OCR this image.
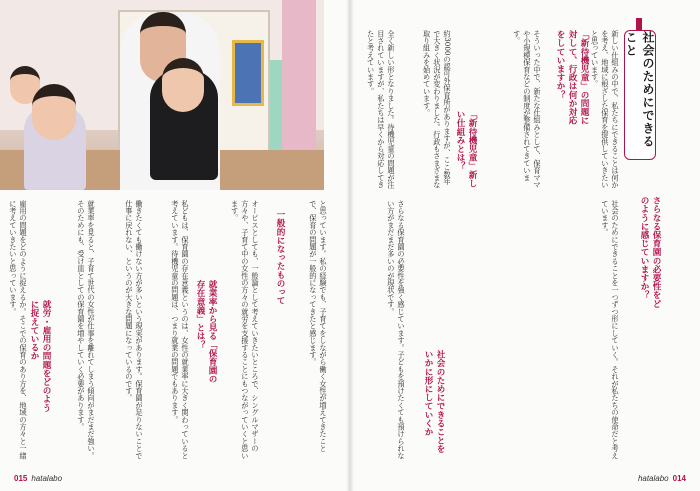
と思っています。私の経験でも、子育てをしながら働く女性が増えてきたことで、保育の問題が一般的になってきたと感じます。
一般的になったものって
オーピスとしても、一般論として考えていきたいところで、シングルマザーの方々や、子育て中の女性の方々の就労を支援することにもつながっていくと思います。
就業率から見る「保育園の存在意義」とは？
私どもは、保育園の存在意義というのは、女性の就業率に大きく関わっていると考えています。待機児童の問題は、つまり就業の問題でもあります。
働きたくても働けない方が多いという現実があります。保育園が足りないことで仕事に戻れない、というのが大きな問題になっているのです。
就業率を見ると、子育て世代の女性が仕事を離れてしまう傾向がまだまだ強い。そのためにも、受け皿としての保育園を増やしていく必要があります。
就労・雇用の問題をどのように捉えているか
雇用の問題をどのように捉えるか。そこでの保育のあり方を、地域の方々と一緒に考えていきたいと思っています。
015 hatalabo
全く新しい形となりました。待機児童の問題が注目されていますが、私たちは早くから対応してきたと考えています。	約3000の認可外保育所がありますが、ここ数年で大きく状況が変わりました。行政もさまざまな取り組みを始めています。
「新待機児童」新しい仕組みとは？	そういった中で、新たな仕組みとして、保育ママや小規模保育などの制度が整備されてきています。	「新待機児童」の問題に対して、行政は何か対応をしていますか？	新しい仕組みの中で、私たちにできることは何かを考え、地域に根ざした保育を提供していきたいと思っています。
さらなる保育園の必要性を強く感じています。子どもを預けたくても預けられない方がまだまだ多いのが現状です。
社会のためにできることをいかに形にしていくか	社会のためにできることを一つずつ形にしていく。それが私たちの使命だと考えています。	さらなる保育園の必要性をどのように感じていますか？
hatalabo 014
社会のためにできること
